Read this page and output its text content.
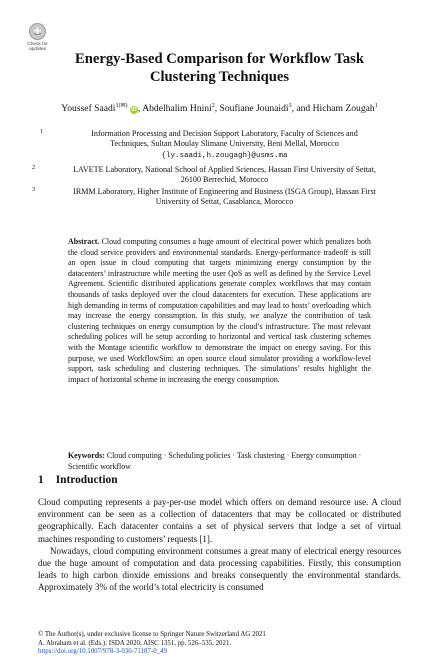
Check for
updates
Energy-Based Comparison for Workflow Task
Clustering Techniques
Youssef Saadi$^{1(✉)}$ iD, Abdelhalim Hnini$^2$, Soufiane Jounaidi$^3$, and Hicham Zougah$^1$
1	Information Processing and Decision Support Laboratory, Faculty of Sciences and
Techniques, Sultan Moulay Slimane University, Beni Mellal, Morocco
{ly.saadi,h.zougagh}@usms.ma
2	LAVETE Laboratory, National School of Applied Sciences, Hassan First University of Settat,
26100 Berrechid, Morocco
3	IRMM Laboratory, Higher Institute of Engineering and Business (ISGA Group), Hassan First
University of Settat, Casablanca, Morocco
Abstract. Cloud computing consumes a huge amount of electrical power which penalizes both the cloud service providers and environmental standards. Energy-performance tradeoff is still an open issue in cloud computing that targets minimizing energy consumption by the datacenters’ infrastructure while meeting the user QoS as well as defined by the Service Level Agreement. Scientific distributed applications generate complex workflows that may contain thousands of tasks deployed over the cloud datacenters for execution. These applications are high demanding in terms of computation capabilities and may lead to hosts’ overloading which may increase the energy consumption. In this study, we analyze the contribution of task clustering techniques on energy consumption by the cloud’s infrastructure. The most relevant scheduling polices will be setup according to horizontal and vertical task clustering schemes with the Montage scientific workflow to demonstrate the impact on energy saving. For this purpose, we used WorkflowSim: an open source cloud simulator providing a workflow-level support, task scheduling and clustering techniques. The simulations’ results highlight the impact of horizontal scheme in increasing the energy consumption.
Keywords: Cloud computing · Scheduling policies · Task clustering · Energy consumption · Scientific workflow
1 Introduction

Cloud computing represents a pay-per-use model which offers on demand resource use. A cloud environment can be seen as a collection of datacenters that may be collocated or distributed geographically. Each datacenter contains a set of physical servers that lodge a set of virtual machines responding to customers’ requests [1].

Nowadays, cloud computing environment consumes a great many of electrical energy resources due the huge amount of computation and data processing capabilities. Firstly, this consumption leads to high carbon dioxide emissions and breaks consequently the environmental standards. Approximately 3% of the world’s total electricity is consumed

© The Author(s), under exclusive license to Springer Nature Switzerland AG 2021
A. Abraham et al. (Eds.): ISDA 2020, AISC 1351, pp. 526–535, 2021.
https://doi.org/10.1007/978-3-030-71187-0_49
